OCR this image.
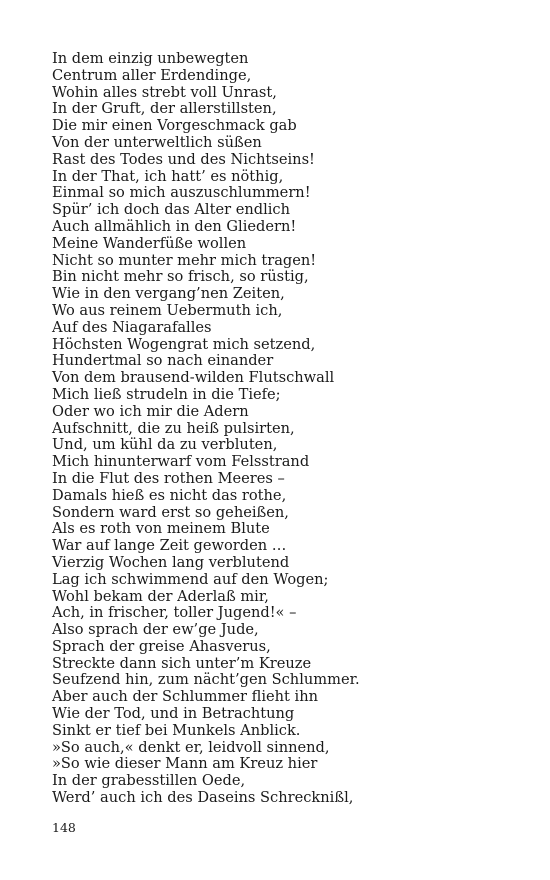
In dem einzig unbewegten
Centrum aller Erdendinge,
Wohin alles strebt voll Unrast,
In der Gruft, der allerstillsten,
Die mir einen Vorgeschmack gab
Von der unterweltlich süßen
Rast des Todes und des Nichtseins!
In der That, ich hatt’ es nöthig,
Einmal so mich auszuschlummern!
Spür’ ich doch das Alter endlich
Auch allmählich in den Gliedern!
Meine Wanderfüße wollen
Nicht so munter mehr mich tragen!
Bin nicht mehr so frisch, so rüstig,
Wie in den vergang’nen Zeiten,
Wo aus reinem Uebermuth ich,
Auf des Niagarafalles
Höchsten Wogengrat mich setzend,
Hundertmal so nach einander
Von dem brausend-wilden Flutschwall
Mich ließ strudeln in die Tiefe;
Oder wo ich mir die Adern
Aufschnitt, die zu heiß pulsirten,
Und, um kühl da zu verbluten,
Mich hinunterwarf vom Felsstrand
In die Flut des rothen Meeres –
Damals hieß es nicht das rothe,
Sondern ward erst so geheißen,
Als es roth von meinem Blute
War auf lange Zeit geworden …
Vierzig Wochen lang verblutend
Lag ich schwimmend auf den Wogen;
Wohl bekam der Aderlaß mir,
Ach, in frischer, toller Jugend!« –
Also sprach der ew’ge Jude,
Sprach der greise Ahasverus,
Streckte dann sich unter’m Kreuze
Seufzend hin, zum nächt’gen Schlummer.
Aber auch der Schlummer flieht ihn
Wie der Tod, und in Betrachtung
Sinkt er tief bei Munkels Anblick.
»So auch,« denkt er, leidvoll sinnend,
»So wie dieser Mann am Kreuz hier
In der grabesstillen Oede,
Werd’ auch ich des Daseins Schrecknißl,
148
